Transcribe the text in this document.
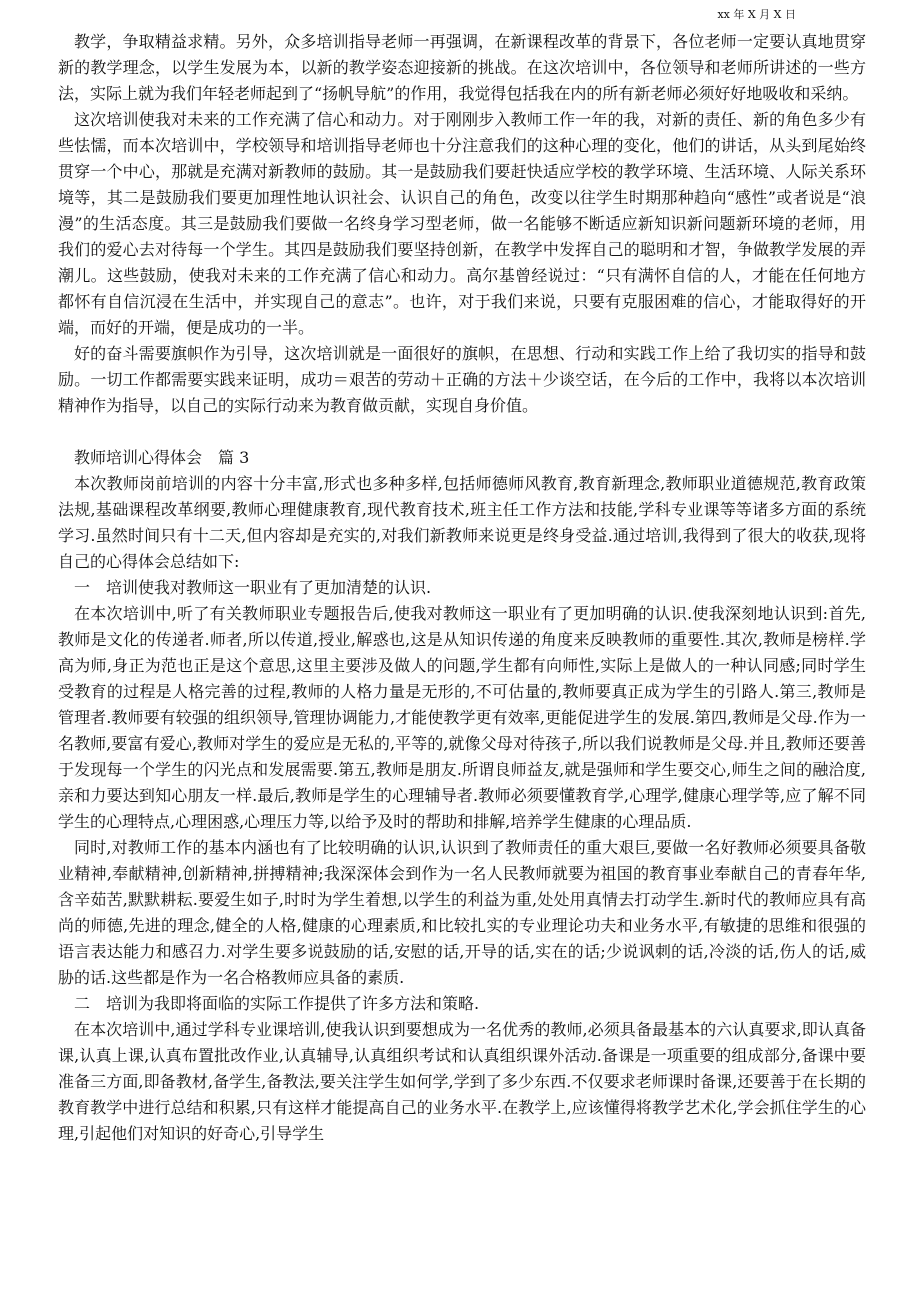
xx 年 X 月 X 日

教学，争取精益求精。另外，众多培训指导老师一再强调，在新课程改革的背景下，各位老师一定要认真地贯穿新的教学理念，以学生发展为本，以新的教学姿态迎接新的挑战。在这次培训中，各位领导和老师所讲述的一些方法，实际上就为我们年轻老师起到了“扬帆导航”的作用，我觉得包括我在内的所有新老师必须好好地吸收和采纳。

这次培训使我对未来的工作充满了信心和动力。对于刚刚步入教师工作一年的我，对新的责任、新的角色多少有些怯懦，而本次培训中，学校领导和培训指导老师也十分注意我们的这种心理的变化，他们的讲话，从头到尾始终贯穿一个中心，那就是充满对新教师的鼓励。其一是鼓励我们要赶快适应学校的教学环境、生活环境、人际关系环境等，其二是鼓励我们要更加理性地认识社会、认识自己的角色，改变以往学生时期那种趋向“感性”或者说是“浪漫”的生活态度。其三是鼓励我们要做一名终身学习型老师，做一名能够不断适应新知识新问题新环境的老师，用我们的爱心去对待每一个学生。其四是鼓励我们要坚持创新，在教学中发挥自己的聪明和才智，争做教学发展的弄潮儿。这些鼓励，使我对未来的工作充满了信心和动力。高尔基曾经说过：“只有满怀自信的人，才能在任何地方都怀有自信沉浸在生活中，并实现自己的意志”。也许，对于我们来说，只要有克服困难的信心，才能取得好的开端，而好的开端，便是成功的一半。

好的奋斗需要旗帜作为引导，这次培训就是一面很好的旗帜，在思想、行动和实践工作上给了我切实的指导和鼓励。一切工作都需要实践来证明，成功＝艰苦的劳动＋正确的方法＋少谈空话，在今后的工作中，我将以本次培训精神作为指导，以自己的实际行动来为教育做贡献，实现自身价值。

教师培训心得体会　篇 3

本次教师岗前培训的内容十分丰富,形式也多种多样,包括师德师风教育,教育新理念,教师职业道德规范,教育政策法规,基础课程改革纲要,教师心理健康教育,现代教育技术,班主任工作方法和技能,学科专业课等等诸多方面的系统学习.虽然时间只有十二天,但内容却是充实的,对我们新教师来说更是终身受益.通过培训,我得到了很大的收获,现将自己的心得体会总结如下:

一　培训使我对教师这一职业有了更加清楚的认识.

在本次培训中,听了有关教师职业专题报告后,使我对教师这一职业有了更加明确的认识.使我深刻地认识到:首先,教师是文化的传递者.师者,所以传道,授业,解惑也,这是从知识传递的角度来反映教师的重要性.其次,教师是榜样.学高为师,身正为范也正是这个意思,这里主要涉及做人的问题,学生都有向师性,实际上是做人的一种认同感;同时学生受教育的过程是人格完善的过程,教师的人格力量是无形的,不可估量的,教师要真正成为学生的引路人.第三,教师是管理者.教师要有较强的组织领导,管理协调能力,才能使教学更有效率,更能促进学生的发展.第四,教师是父母.作为一名教师,要富有爱心,教师对学生的爱应是无私的,平等的,就像父母对待孩子,所以我们说教师是父母.并且,教师还要善于发现每一个学生的闪光点和发展需要.第五,教师是朋友.所谓良师益友,就是强师和学生要交心,师生之间的融洽度,亲和力要达到知心朋友一样.最后,教师是学生的心理辅导者.教师必须要懂教育学,心理学,健康心理学等,应了解不同学生的心理特点,心理困惑,心理压力等,以给予及时的帮助和排解,培养学生健康的心理品质.

同时,对教师工作的基本内涵也有了比较明确的认识,认识到了教师责任的重大艰巨,要做一名好教师必须要具备敬业精神,奉献精神,创新精神,拼搏精神;我深深体会到作为一名人民教师就要为祖国的教育事业奉献自己的青春年华,含辛茹苦,默默耕耘.要爱生如子,时时为学生着想,以学生的利益为重,处处用真情去打动学生.新时代的教师应具有高尚的师德,先进的理念,健全的人格,健康的心理素质,和比较扎实的专业理论功夫和业务水平,有敏捷的思维和很强的语言表达能力和感召力.对学生要多说鼓励的话,安慰的话,开导的话,实在的话;少说讽刺的话,冷淡的话,伤人的话,威胁的话.这些都是作为一名合格教师应具备的素质.

二　培训为我即将面临的实际工作提供了许多方法和策略.

在本次培训中,通过学科专业课培训,使我认识到要想成为一名优秀的教师,必须具备最基本的六认真要求,即认真备课,认真上课,认真布置批改作业,认真辅导,认真组织考试和认真组织课外活动.备课是一项重要的组成部分,备课中要准备三方面,即备教材,备学生,备教法,要关注学生如何学,学到了多少东西.不仅要求老师课时备课,还要善于在长期的教育教学中进行总结和积累,只有这样才能提高自己的业务水平.在教学上,应该懂得将教学艺术化,学会抓住学生的心理,引起他们对知识的好奇心,引导学生
